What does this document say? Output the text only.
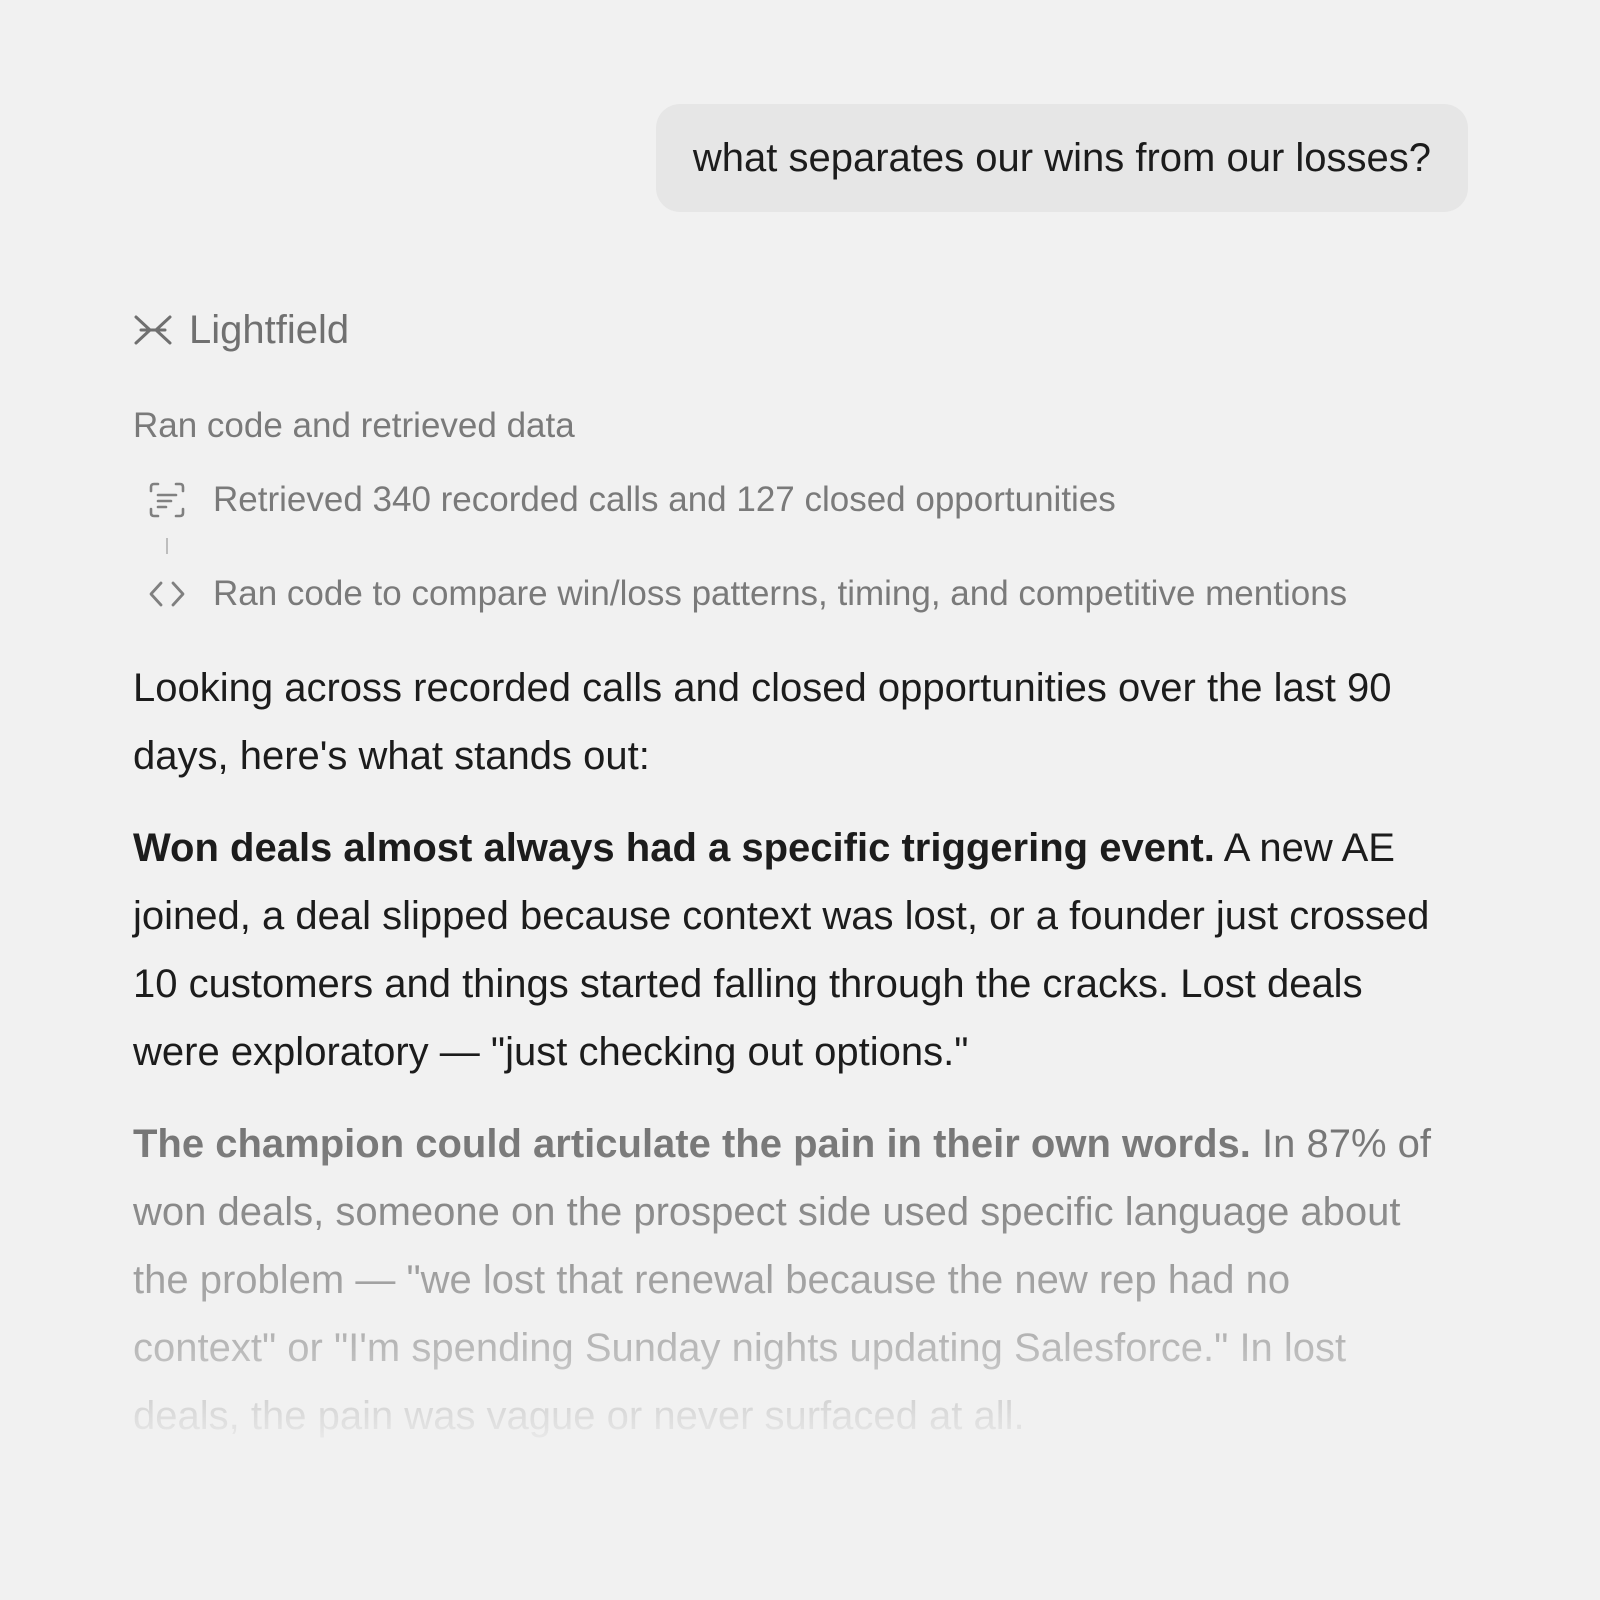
what separates our wins from our losses?
Lightfield
Ran code and retrieved data
Retrieved 340 recorded calls and 127 closed opportunities
Ran code to compare win/loss patterns, timing, and competitive mentions

Looking across recorded calls and closed opportunities over the last 90 days, here's what stands out:

Won deals almost always had a specific triggering event. A new AE joined, a deal slipped because context was lost, or a founder just crossed 10 customers and things started falling through the cracks. Lost deals were exploratory — "just checking out options."

The champion could articulate the pain in their own words. In 87% of won deals, someone on the prospect side used specific language about the problem — "we lost that renewal because the new rep had no context" or "I'm spending Sunday nights updating Salesforce." In lost deals, the pain was vague or never surfaced at all.
